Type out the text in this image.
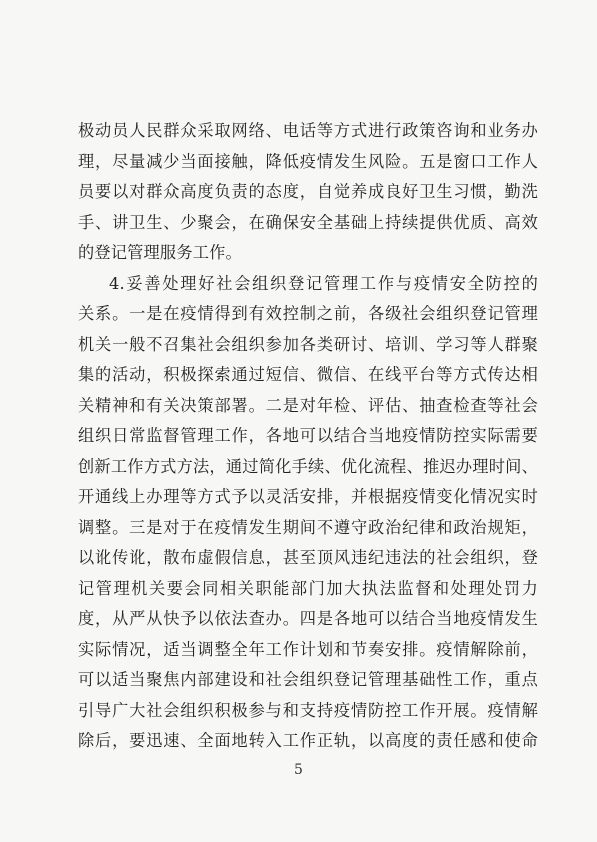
极动员人民群众采取网络、电话等方式进行政策咨询和业务办
理，尽量减少当面接触，降低疫情发生风险。五是窗口工作人
员要以对群众高度负责的态度，自觉养成良好卫生习惯，勤洗
手、讲卫生、少聚会，在确保安全基础上持续提供优质、高效
的登记管理服务工作。
4.妥善处理好社会组织登记管理工作与疫情安全防控的
关系。一是在疫情得到有效控制之前，各级社会组织登记管理
机关一般不召集社会组织参加各类研讨、培训、学习等人群聚
集的活动，积极探索通过短信、微信、在线平台等方式传达相
关精神和有关决策部署。二是对年检、评估、抽查检查等社会
组织日常监督管理工作，各地可以结合当地疫情防控实际需要
创新工作方式方法，通过简化手续、优化流程、推迟办理时间、
开通线上办理等方式予以灵活安排，并根据疫情变化情况实时
调整。三是对于在疫情发生期间不遵守政治纪律和政治规矩，
以讹传讹，散布虚假信息，甚至顶风违纪违法的社会组织，登
记管理机关要会同相关职能部门加大执法监督和处理处罚力
度，从严从快予以依法查办。四是各地可以结合当地疫情发生
实际情况，适当调整全年工作计划和节奏安排。疫情解除前，
可以适当聚焦内部建设和社会组织登记管理基础性工作，重点
引导广大社会组织积极参与和支持疫情防控工作开展。疫情解
除后，要迅速、全面地转入工作正轨，以高度的责任感和使命
5
